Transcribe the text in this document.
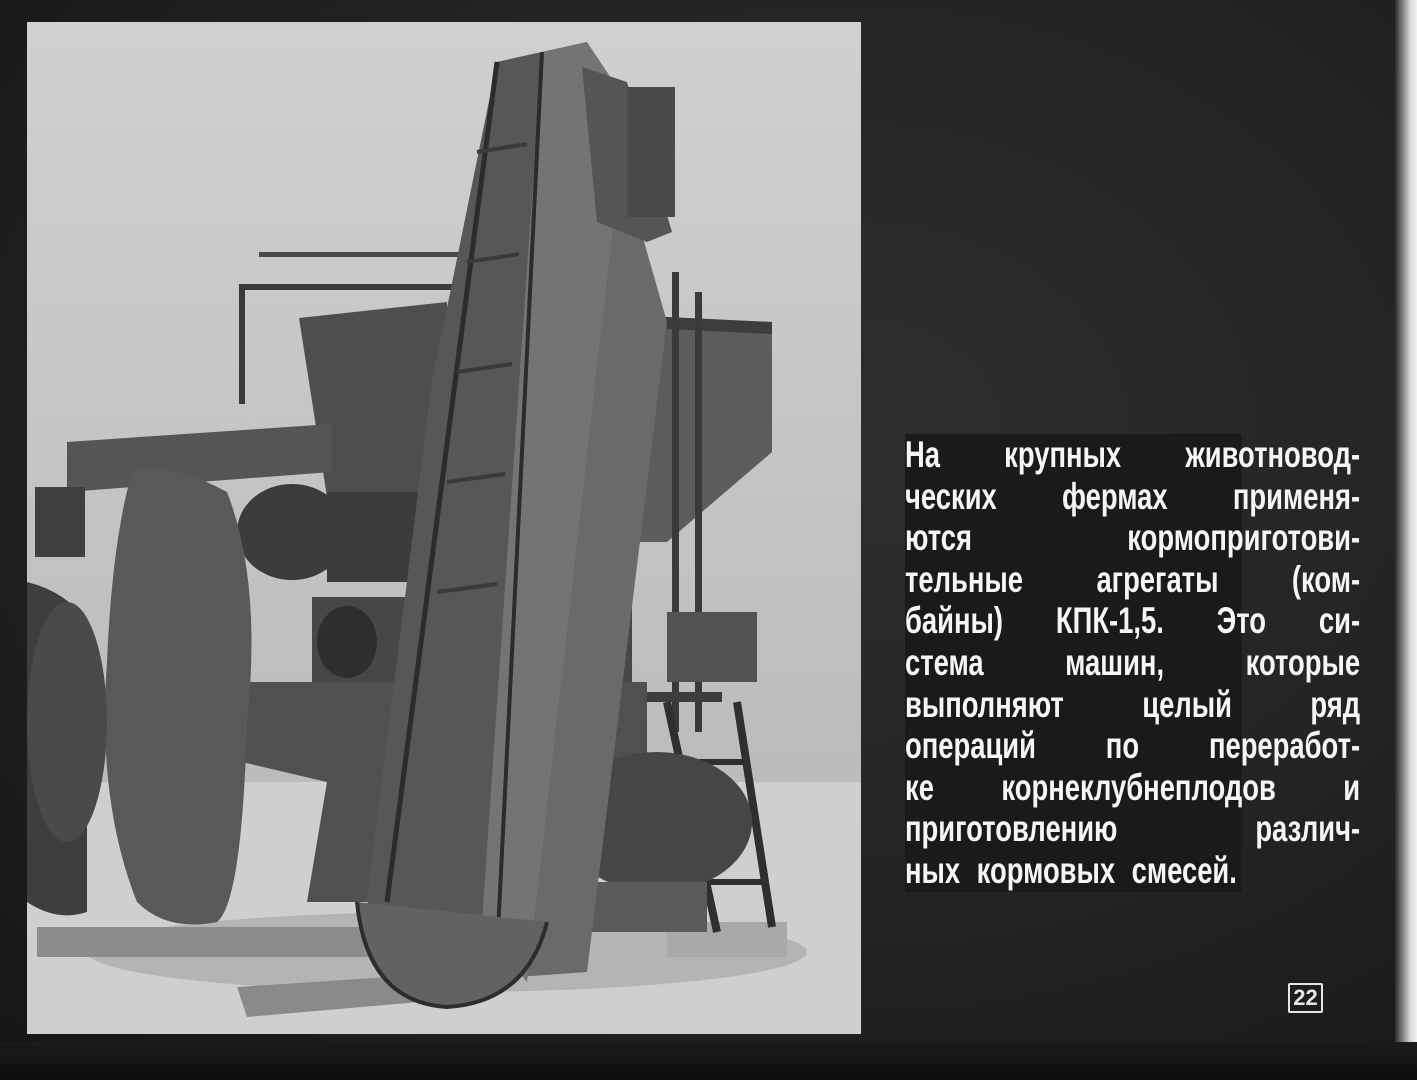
На крупных животновод-
ческих фермах применя-
ются кормоприготови-
тельные агрегаты (ком-
байны) КПК-1,5. Это си-
стема машин, которые
выполняют целый ряд
операций по переработ-
ке корнеклубнеплодов и
приготовлению различ-
ных кормовых смесей.
22
